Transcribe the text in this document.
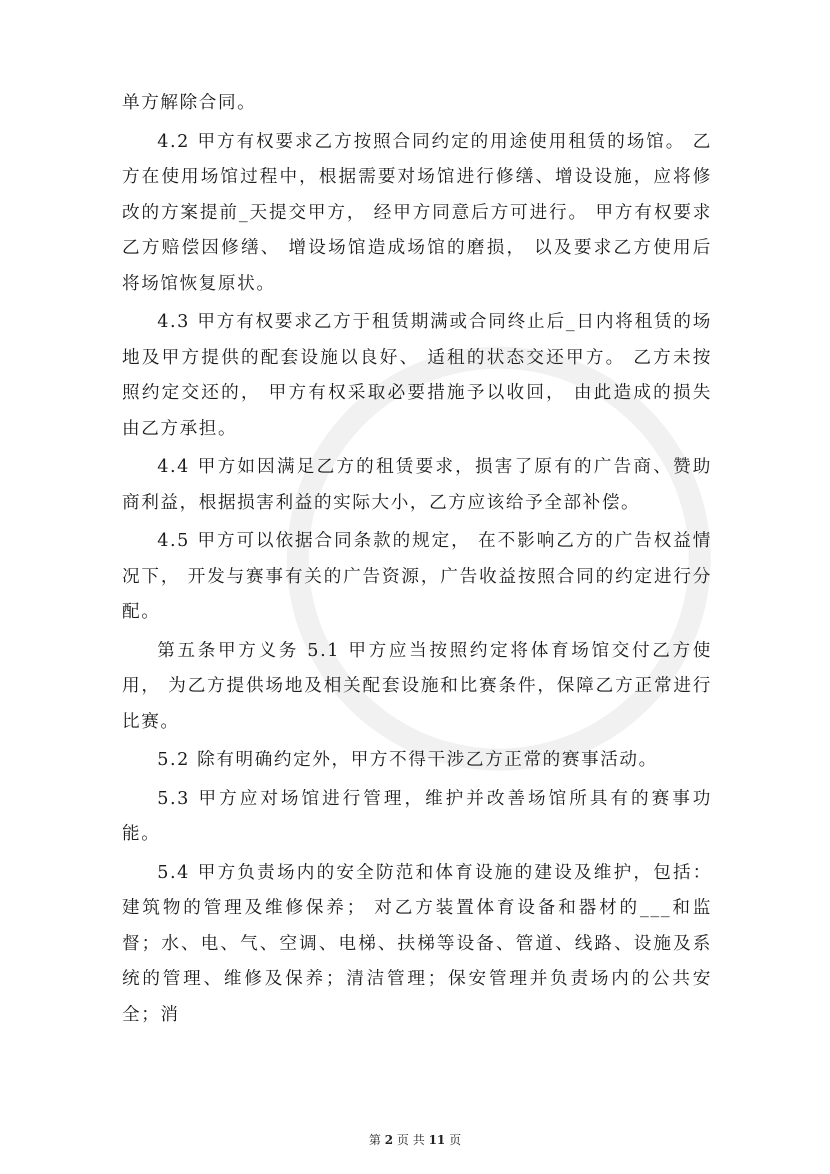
单方解除合同。

4.2 甲方有权要求乙方按照合同约定的用途使用租赁的场馆。 乙方在使用场馆过程中，根据需要对场馆进行修缮、增设设施，应将修改的方案提前_天提交甲方， 经甲方同意后方可进行。 甲方有权要求乙方赔偿因修缮、 增设场馆造成场馆的磨损， 以及要求乙方使用后将场馆恢复原状。

4.3 甲方有权要求乙方于租赁期满或合同终止后_日内将租赁的场地及甲方提供的配套设施以良好、 适租的状态交还甲方。 乙方未按照约定交还的， 甲方有权采取必要措施予以收回， 由此造成的损失由乙方承担。

4.4 甲方如因满足乙方的租赁要求，损害了原有的广告商、赞助商利益，根据损害利益的实际大小，乙方应该给予全部补偿。

4.5 甲方可以依据合同条款的规定， 在不影响乙方的广告权益情况下， 开发与赛事有关的广告资源，广告收益按照合同的约定进行分配。

第五条甲方义务 5.1 甲方应当按照约定将体育场馆交付乙方使用， 为乙方提供场地及相关配套设施和比赛条件，保障乙方正常进行比赛。

5.2 除有明确约定外，甲方不得干涉乙方正常的赛事活动。

5.3 甲方应对场馆进行管理，维护并改善场馆所具有的赛事功能。

5.4 甲方负责场内的安全防范和体育设施的建设及维护，包括：建筑物的管理及维修保养； 对乙方装置体育设备和器材的___和监督；水、电、气、空调、电梯、扶梯等设备、管道、线路、设施及系统的管理、维修及保养；清洁管理；保安管理并负责场内的公共安全；消

第 2 页 共 11 页
